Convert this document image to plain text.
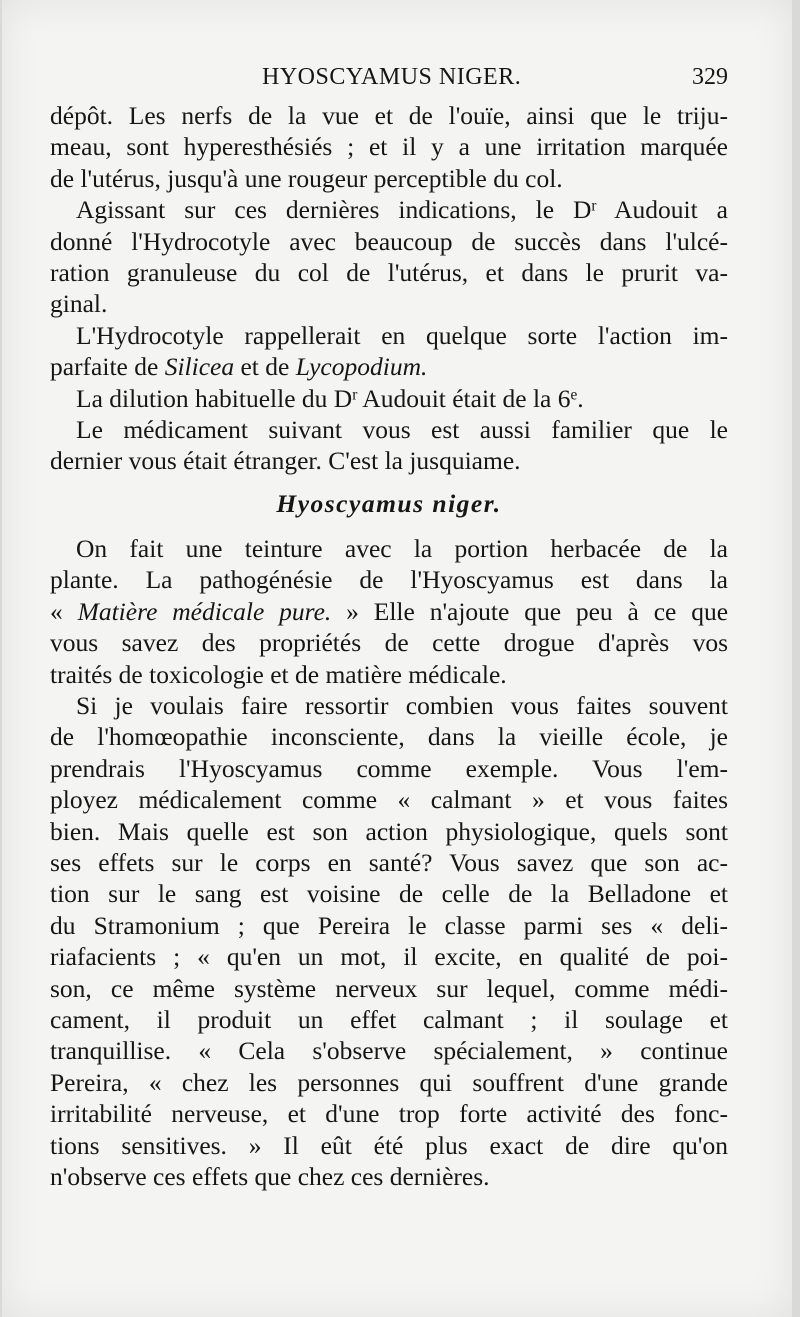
HYOSCYAMUS NIGER.	329
dépôt. Les nerfs de la vue et de l'ouïe, ainsi que le triju-
meau, sont hyperesthésiés ; et il y a une irritation marquée
de l'utérus, jusqu'à une rougeur perceptible du col.
Agissant sur ces dernières indications, le $D^r$ Audouit a
donné l'Hydrocotyle avec beaucoup de succès dans l'ulcé-
ration granuleuse du col de l'utérus, et dans le prurit va-
ginal.
L'Hydrocotyle rappellerait en quelque sorte l'action im-
parfaite de Silicea et de Lycopodium.
La dilution habituelle du $D^r$ Audouit était de la 6e.
Le médicament suivant vous est aussi familier que le
dernier vous était étranger. C'est la jusquiame.
Hyoscyamus niger.
On fait une teinture avec la portion herbacée de la
plante. La pathogénésie de l'Hyoscyamus est dans la
« Matière médicale pure. » Elle n'ajoute que peu à ce que
vous savez des propriétés de cette drogue d'après vos
traités de toxicologie et de matière médicale.
Si je voulais faire ressortir combien vous faites souvent
de l'homœopathie inconsciente, dans la vieille école, je
prendrais l'Hyoscyamus comme exemple. Vous l'em-
ployez médicalement comme « calmant » et vous faites
bien. Mais quelle est son action physiologique, quels sont
ses effets sur le corps en santé? Vous savez que son ac-
tion sur le sang est voisine de celle de la Belladone et
du Stramonium ; que Pereira le classe parmi ses « deli-
riafacients ; « qu'en un mot, il excite, en qualité de poi-
son, ce même système nerveux sur lequel, comme médi-
cament, il produit un effet calmant ; il soulage et
tranquillise. « Cela s'observe spécialement, » continue
Pereira, « chez les personnes qui souffrent d'une grande
irritabilité nerveuse, et d'une trop forte activité des fonc-
tions sensitives. » Il eût été plus exact de dire qu'on
n'observe ces effets que chez ces dernières.
